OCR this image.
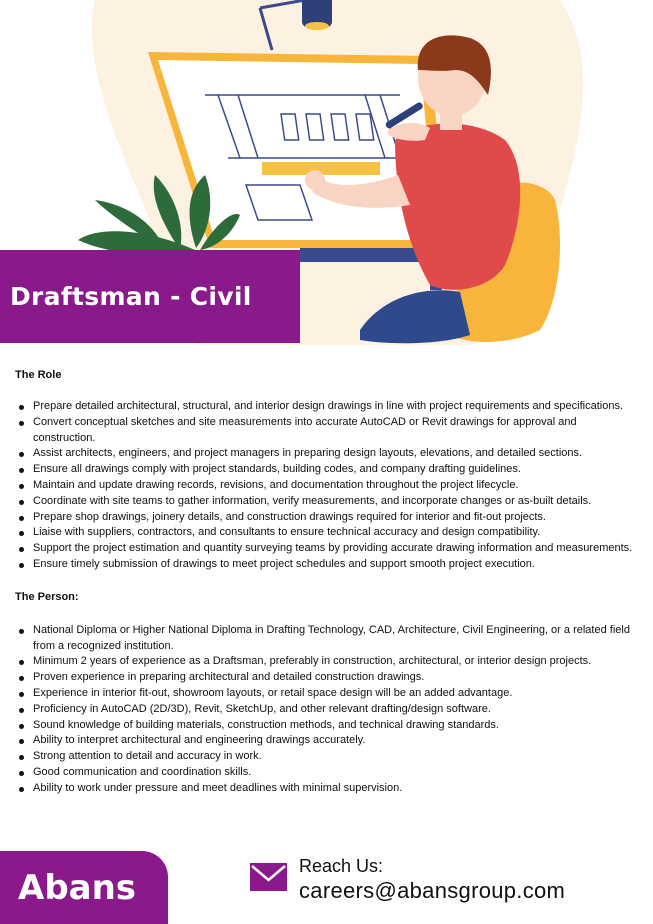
Draftsman - Civil
The Role
Prepare detailed architectural, structural, and interior design drawings in line with project requirements and specifications.
Convert conceptual sketches and site measurements into accurate AutoCAD or Revit drawings for approval and construction.
Assist architects, engineers, and project managers in preparing design layouts, elevations, and detailed sections.
Ensure all drawings comply with project standards, building codes, and company drafting guidelines.
Maintain and update drawing records, revisions, and documentation throughout the project lifecycle.
Coordinate with site teams to gather information, verify measurements, and incorporate changes or as-built details.
Prepare shop drawings, joinery details, and construction drawings required for interior and fit-out projects.
Liaise with suppliers, contractors, and consultants to ensure technical accuracy and design compatibility.
Support the project estimation and quantity surveying teams by providing accurate drawing information and measurements.
Ensure timely submission of drawings to meet project schedules and support smooth project execution.
The Person:
National Diploma or Higher National Diploma in Drafting Technology, CAD, Architecture, Civil Engineering, or a related field from a recognized institution.
Minimum 2 years of experience as a Draftsman, preferably in construction, architectural, or interior design projects.
Proven experience in preparing architectural and detailed construction drawings.
Experience in interior fit-out, showroom layouts, or retail space design will be an added advantage.
Proficiency in AutoCAD (2D/3D), Revit, SketchUp, and other relevant drafting/design software.
Sound knowledge of building materials, construction methods, and technical drawing standards.
Ability to interpret architectural and engineering drawings accurately.
Strong attention to detail and accuracy in work.
Good communication and coordination skills.
Ability to work under pressure and meet deadlines with minimal supervision.
Abans
Reach Us:
careers@abansgroup.com
